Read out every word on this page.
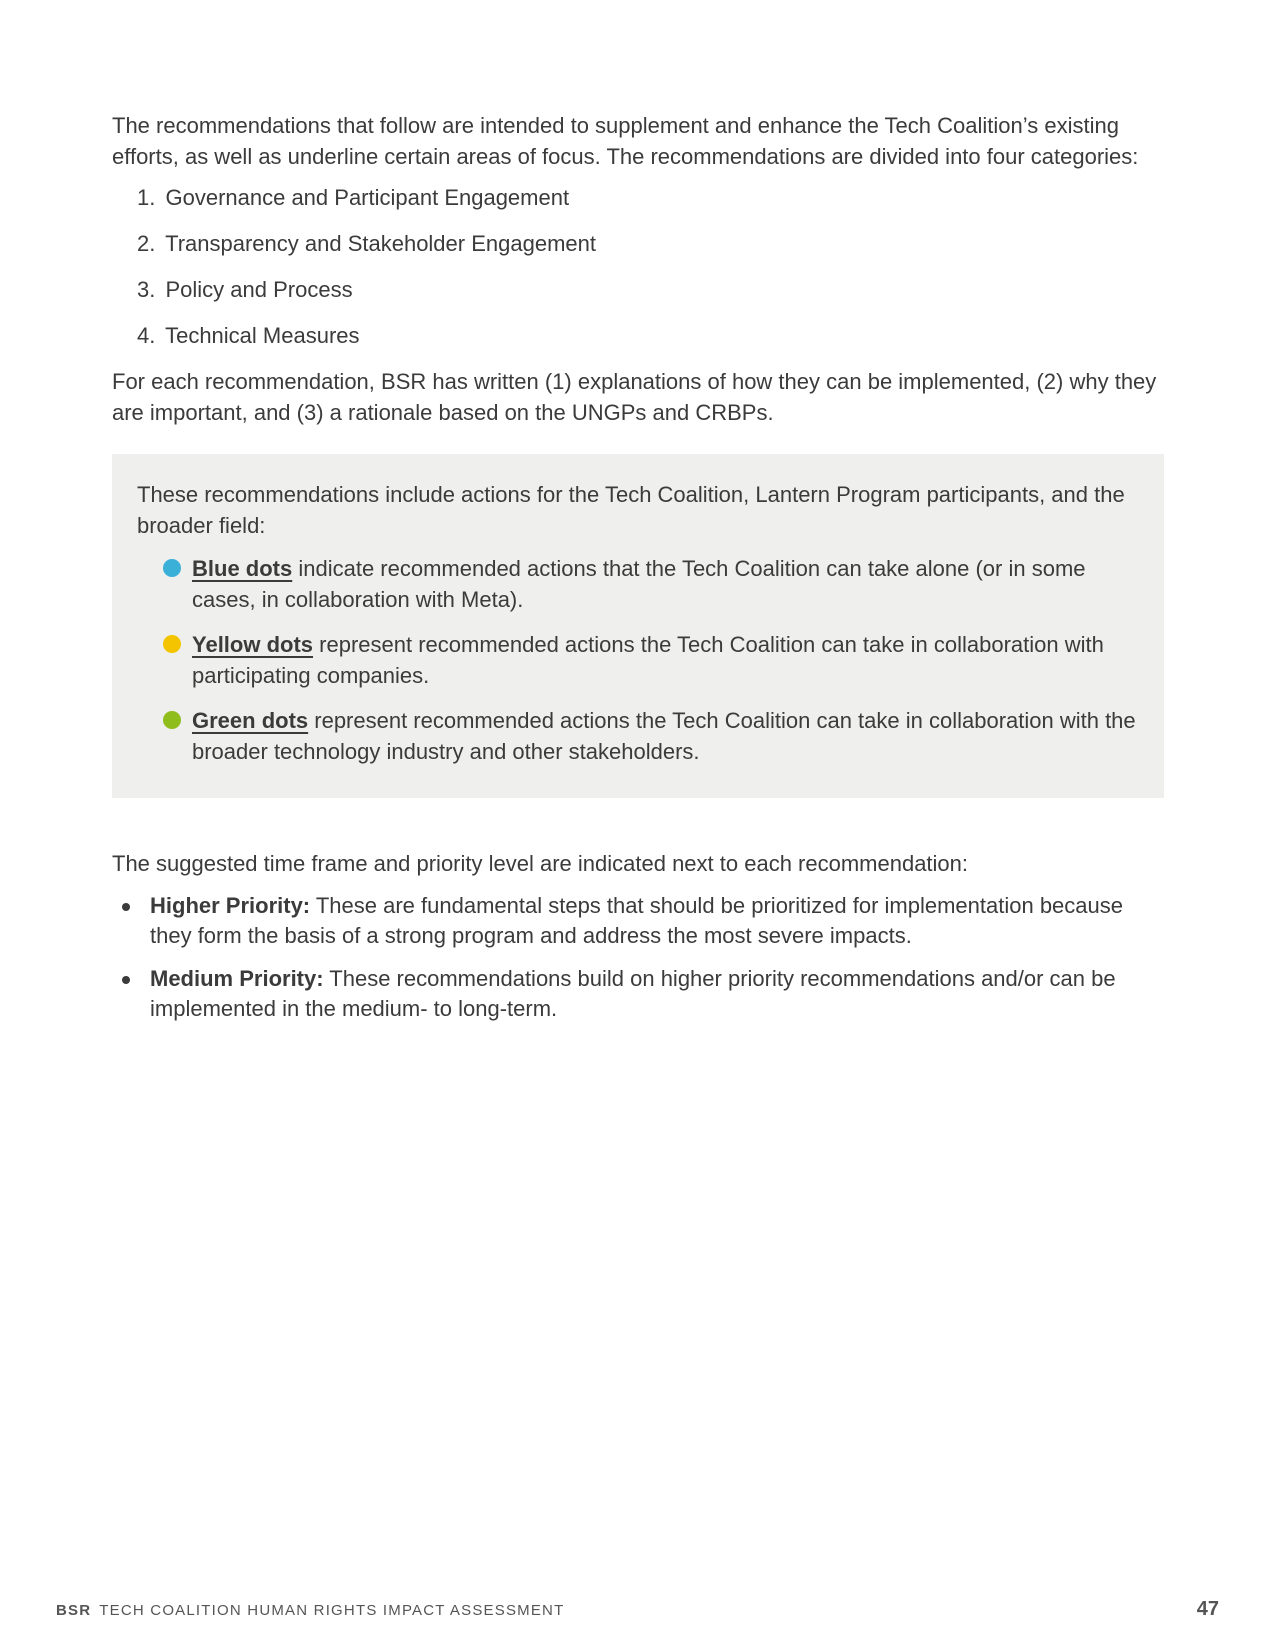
The recommendations that follow are intended to supplement and enhance the Tech Coalition’s existing efforts, as well as underline certain areas of focus. The recommendations are divided into four categories:

1. Governance and Participant Engagement
2. Transparency and Stakeholder Engagement
3. Policy and Process
4. Technical Measures

For each recommendation, BSR has written (1) explanations of how they can be implemented, (2) why they are important, and (3) a rationale based on the UNGPs and CRBPs.

These recommendations include actions for the Tech Coalition, Lantern Program participants, and the broader field:

Blue dots indicate recommended actions that the Tech Coalition can take alone (or in some cases, in collaboration with Meta).
Yellow dots represent recommended actions the Tech Coalition can take in collaboration with participating companies.
Green dots represent recommended actions the Tech Coalition can take in collaboration with the broader technology industry and other stakeholders.

The suggested time frame and priority level are indicated next to each recommendation:

Higher Priority: These are fundamental steps that should be prioritized for implementation because they form the basis of a strong program and address the most severe impacts.
Medium Priority: These recommendations build on higher priority recommendations and/or can be implemented in the medium- to long-term.
BSR TECH COALITION HUMAN RIGHTS IMPACT ASSESSMENT	47
